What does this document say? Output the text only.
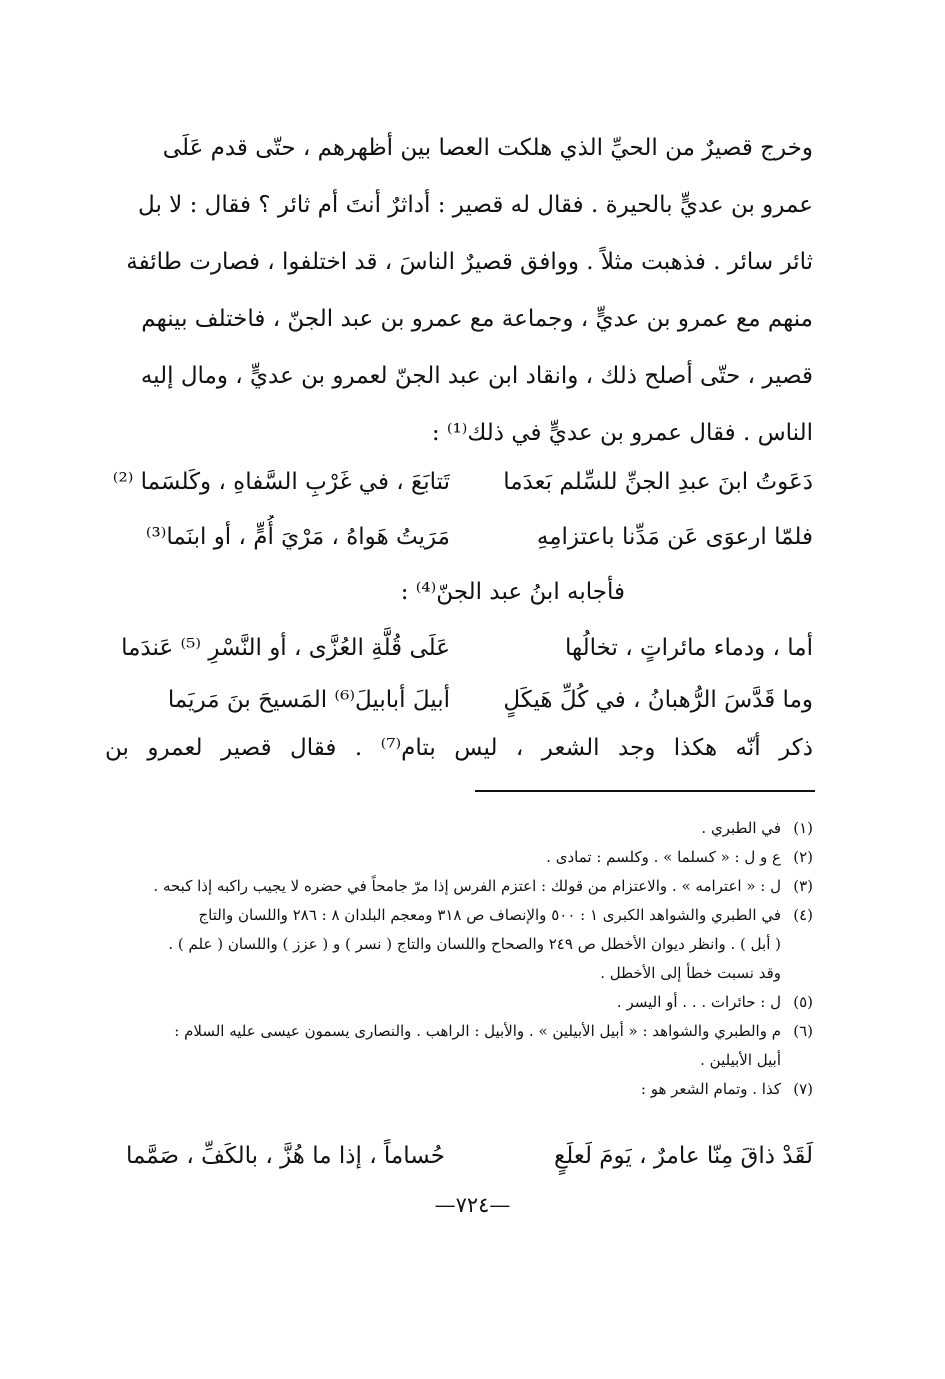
وخرج قصيرٌ من الحيِّ الذي هلكت العصا بين أظهرهم ، حتّى قدم عَلَى
عمرو بن عديٍّ بالحيرة . فقال له قصير : أداثرٌ أنتَ أم ثائر ؟ فقال : لا بل
ثائر سائر . فذهبت مثلاً . ووافق قصيرٌ الناسَ ، قد اختلفوا ، فصارت طائفة
منهم مع عمرو بن عديٍّ ، وجماعة مع عمرو بن عبد الجنّ ، فاختلف بينهم
قصير ، حتّى أصلح ذلك ، وانقاد ابن عبد الجنّ لعمرو بن عديٍّ ، ومال إليه
الناس . فقال عمرو بن عديٍّ في ذلك⁽¹⁾ :
دَعَوتُ ابنَ عبدِ الجنِّ للسِّلم بَعدَما
تَتابَعَ ، في غَرْبِ السَّفاهِ ، وكَلسَما ⁽²⁾
فلمّا ارعوَى عَن مَدِّنا باعتزامِهِ
مَرَيتُ هَواهُ ، مَرْيَ أُمٍّ ، أو ابنَما⁽³⁾
فأجابه ابنُ عبد الجنّ⁽⁴⁾ :
أما ، ودماء مائراتٍ ، تخالُها
عَلَى قُلَّةِ العُزَّى ، أو النَّسْرِ ⁽⁵⁾ عَندَما
وما قَدَّسَ الرُّهبانُ ، في كُلِّ هَيكَلٍ
أبيلَ أبابيلَ⁽⁶⁾ المَسيحَ بنَ مَريَما
ذكر أنّه هكذا وجد الشعر ، ليس بتام⁽⁷⁾ . فقال قصير لعمرو بن
(١)في الطبري .
(٢)ع و ل : « كسلما » . وكلسم : تمادى .
(٣)ل : « اعترامه » . والاعتزام من قولك : اعتزم الفرس إذا مرّ جامحاً في حضره لا يجيب راكبه إذا كبحه .
(٤)في الطبري والشواهد الكبرى ١ : ٥٠٠ والإنصاف ص ٣١٨ ومعجم البلدان ٨ : ٢٨٦ واللسان والتاج
( أبل ) . وانظر ديوان الأخطل ص ٢٤٩ والصحاح واللسان والتاج ( نسر ) و ( عزز ) واللسان ( علم ) .
وقد نسبت خطأ إلى الأخطل .
(٥)ل : حائرات . . . أو اليسر .
(٦)م والطبري والشواهد : « أبيل الأبيلين » . والأبيل : الراهب . والنصارى يسمون عيسى عليه السلام :
أبيل الأبيلين .
(٧)كذا . وتمام الشعر هو :
لَقَدْ ذاقَ مِنّا عامرٌ ، يَومَ لَعلَعٍ
حُساماً ، إذا ما هُزَّ ، بالكَفِّ ، صَمَّما
—٧٢٤—
